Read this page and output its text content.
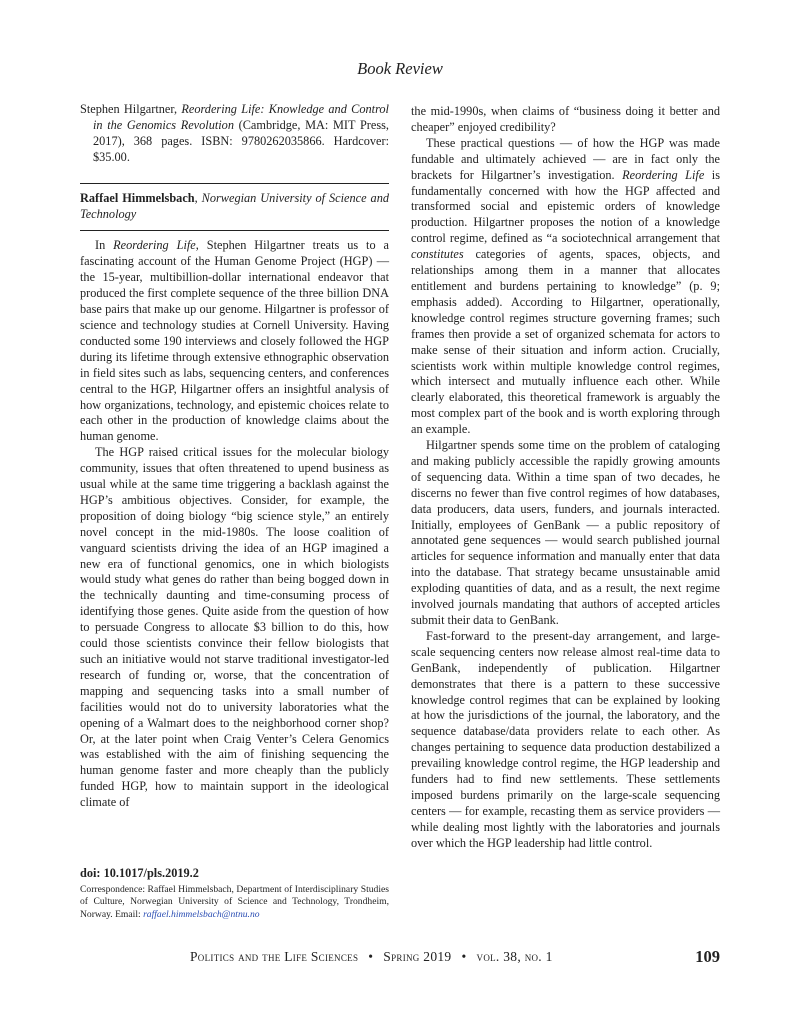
Book Review

Stephen Hilgartner, Reordering Life: Knowledge and Control in the Genomics Revolution (Cambridge, MA: MIT Press, 2017), 368 pages. ISBN: 9780262035866. Hardcover: $35.00.

Raffael Himmelsbach, Norwegian University of Science and Technology

In Reordering Life, Stephen Hilgartner treats us to a fascinating account of the Human Genome Project (HGP) — the 15-year, multibillion-dollar international endeavor that produced the first complete sequence of the three billion DNA base pairs that make up our genome. Hilgartner is professor of science and technology studies at Cornell University. Having conducted some 190 interviews and closely followed the HGP during its lifetime through extensive ethnographic observation in field sites such as labs, sequencing centers, and conferences central to the HGP, Hilgartner offers an insightful analysis of how organizations, technology, and epistemic choices relate to each other in the production of knowledge claims about the human genome.

The HGP raised critical issues for the molecular biology community, issues that often threatened to upend business as usual while at the same time triggering a backlash against the HGP’s ambitious objectives. Consider, for example, the proposition of doing biology “big science style,” an entirely novel concept in the mid-1980s. The loose coalition of vanguard scientists driving the idea of an HGP imagined a new era of functional genomics, one in which biologists would study what genes do rather than being bogged down in the technically daunting and time-consuming process of identifying those genes. Quite aside from the question of how to persuade Congress to allocate $3 billion to do this, how could those scientists convince their fellow biologists that such an initiative would not starve traditional investigator-led research of funding or, worse, that the concentration of mapping and sequencing tasks into a small number of facilities would not do to university laboratories what the opening of a Walmart does to the neighborhood corner shop? Or, at the later point when Craig Venter’s Celera Genomics was established with the aim of finishing sequencing the human genome faster and more cheaply than the publicly funded HGP, how to maintain support in the ideological climate of

doi: 10.1017/pls.2019.2

Correspondence: Raffael Himmelsbach, Department of Interdisciplinary Studies of Culture, Norwegian University of Science and Technology, Trondheim, Norway. Email: raffael.himmelsbach@ntnu.no

the mid-1990s, when claims of “business doing it better and cheaper” enjoyed credibility?

These practical questions — of how the HGP was made fundable and ultimately achieved — are in fact only the brackets for Hilgartner’s investigation. Reordering Life is fundamentally concerned with how the HGP affected and transformed social and epistemic orders of knowledge production. Hilgartner proposes the notion of a knowledge control regime, defined as “a sociotechnical arrangement that constitutes categories of agents, spaces, objects, and relationships among them in a manner that allocates entitlement and burdens pertaining to knowledge” (p. 9; emphasis added). According to Hilgartner, operationally, knowledge control regimes structure governing frames; such frames then provide a set of organized schemata for actors to make sense of their situation and inform action. Crucially, scientists work within multiple knowledge control regimes, which intersect and mutually influence each other. While clearly elaborated, this theoretical framework is arguably the most complex part of the book and is worth exploring through an example.

Hilgartner spends some time on the problem of cataloging and making publicly accessible the rapidly growing amounts of sequencing data. Within a time span of two decades, he discerns no fewer than five control regimes of how databases, data producers, data users, funders, and journals interacted. Initially, employees of GenBank — a public repository of annotated gene sequences — would search published journal articles for sequence information and manually enter that data into the database. That strategy became unsustainable amid exploding quantities of data, and as a result, the next regime involved journals mandating that authors of accepted articles submit their data to GenBank.

Fast-forward to the present-day arrangement, and large-scale sequencing centers now release almost real-time data to GenBank, independently of publication. Hilgartner demonstrates that there is a pattern to these successive knowledge control regimes that can be explained by looking at how the jurisdictions of the journal, the laboratory, and the sequence database/data providers relate to each other. As changes pertaining to sequence data production destabilized a prevailing knowledge control regime, the HGP leadership and funders had to find new settlements. These settlements imposed burdens primarily on the large-scale sequencing centers — for example, recasting them as service providers — while dealing most lightly with the laboratories and journals over which the HGP leadership had little control.

Politics and the Life Sciences • Spring 2019 • vol. 38, no. 1	109
